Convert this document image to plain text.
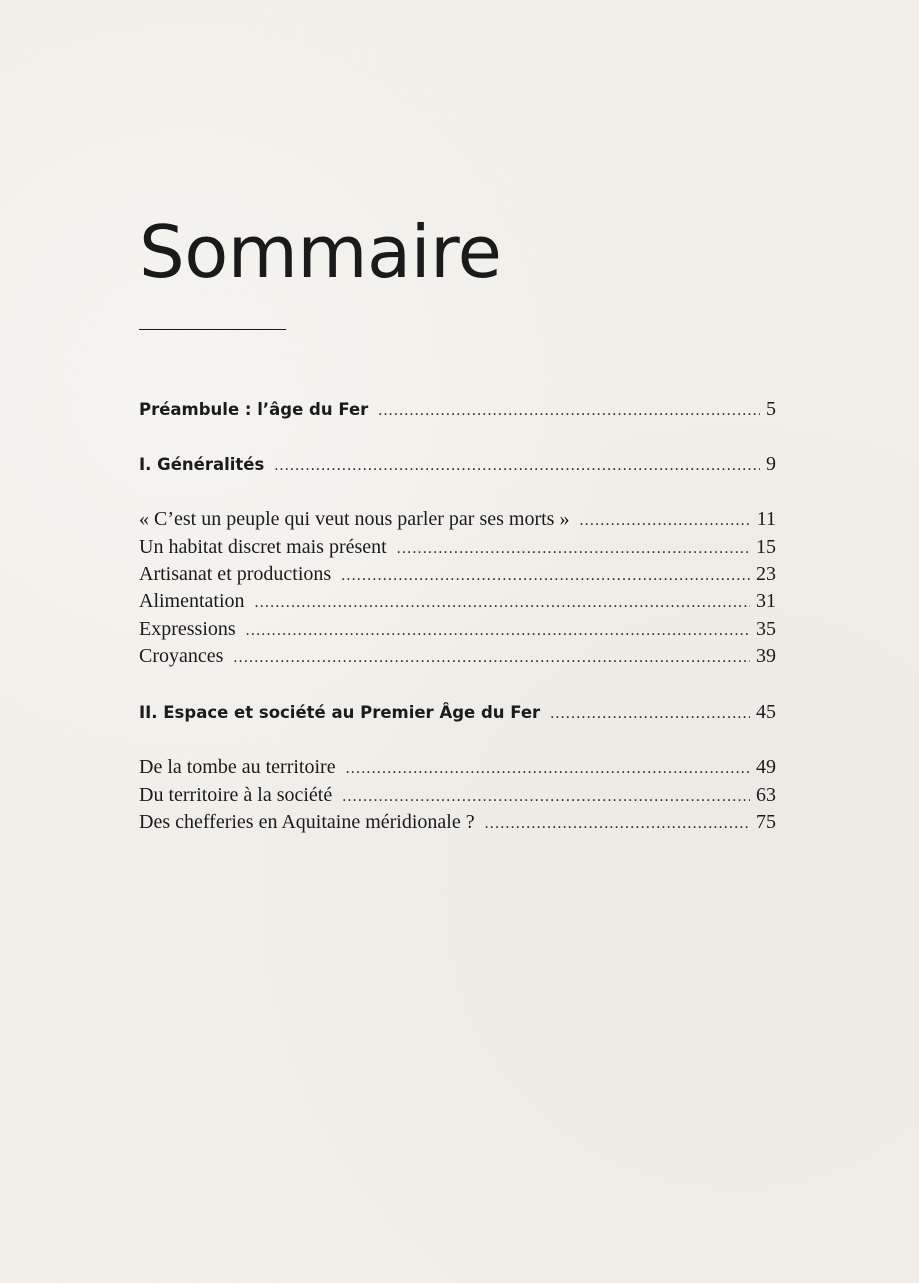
Sommaire
Préambule : l’âge du Fer .....	5
I. Généralités .....	9
« C’est un peuple qui veut nous parler par ses morts » .....	11
Un habitat discret mais présent .....	15
Artisanat et productions .....	23
Alimentation .....	31
Expressions .....	35
Croyances .....	39
II. Espace et société au Premier Âge du Fer .....	45
De la tombe au territoire .....	49
Du territoire à la société .....	63
Des chefferies en Aquitaine méridionale ? .....	75
